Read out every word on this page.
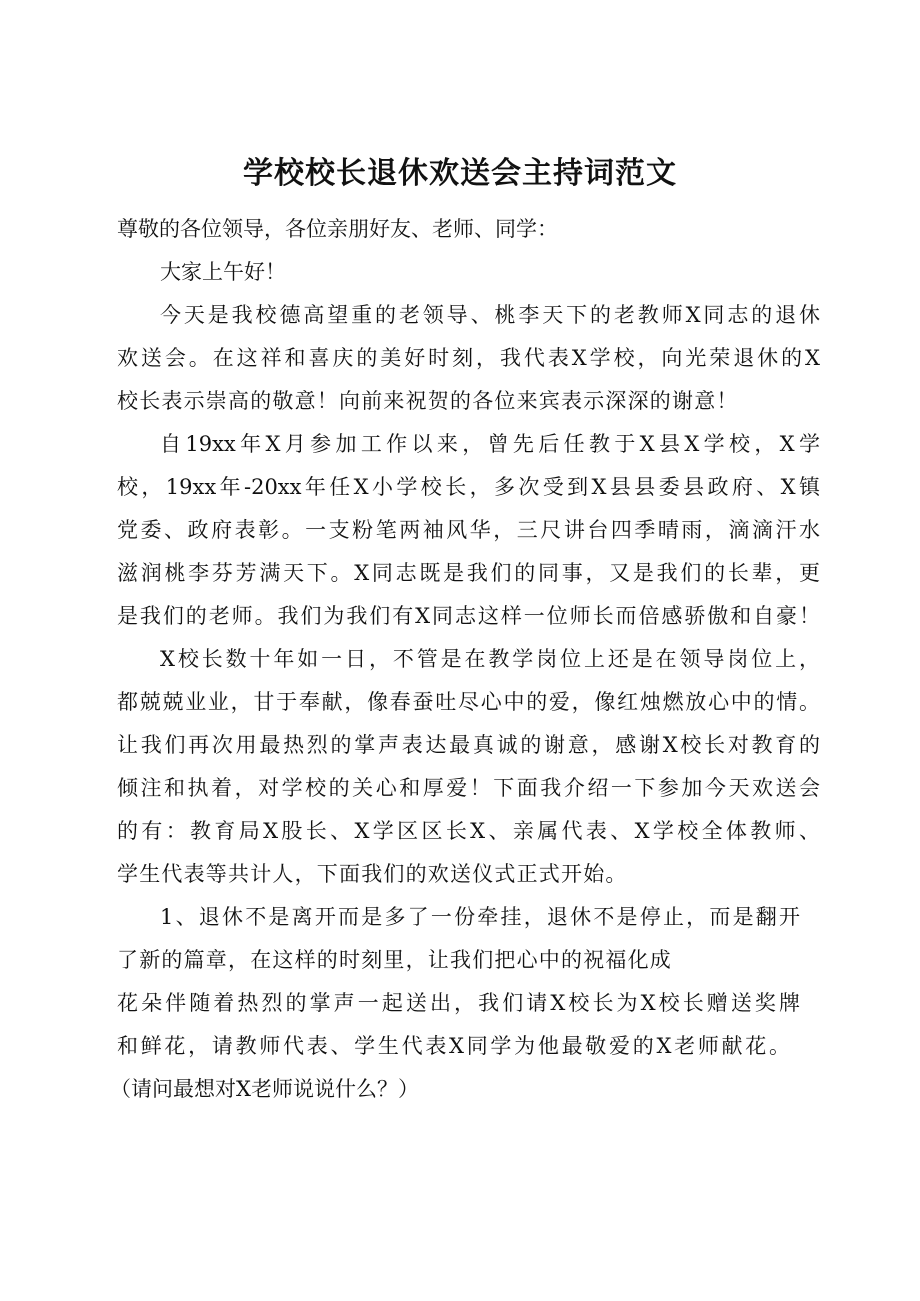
学校校长退休欢送会主持词范文

尊敬的各位领导，各位亲朋好友、老师、同学：

大家上午好！

今天是我校德高望重的老领导、桃李天下的老教师X同志的退休

欢送会。在这祥和喜庆的美好时刻，我代表X学校，向光荣退休的X

校长表示崇高的敬意！向前来祝贺的各位来宾表示深深的谢意！

自19xx年X月参加工作以来，曾先后任教于X县X学校，X学

校，19xx年-20xx年任X小学校长，多次受到X县县委县政府、X镇

党委、政府表彰。一支粉笔两袖风华，三尺讲台四季晴雨，滴滴汗水

滋润桃李芬芳满天下。X同志既是我们的同事，又是我们的长辈，更

是我们的老师。我们为我们有X同志这样一位师长而倍感骄傲和自豪！

X校长数十年如一日，不管是在教学岗位上还是在领导岗位上，

都兢兢业业，甘于奉献，像春蚕吐尽心中的爱，像红烛燃放心中的情。

让我们再次用最热烈的掌声表达最真诚的谢意，感谢X校长对教育的

倾注和执着，对学校的关心和厚爱！下面我介绍一下参加今天欢送会

的有：教育局X股长、X学区区长X、亲属代表、X学校全体教师、

学生代表等共计人，下面我们的欢送仪式正式开始。

1、退休不是离开而是多了一份牵挂，退休不是停止，而是翻开

了新的篇章，在这样的时刻里，让我们把心中的祝福化成

花朵伴随着热烈的掌声一起送出，我们请X校长为X校长赠送奖牌

和鲜花，请教师代表、学生代表X同学为他最敬爱的X老师献花。

（请问最想对X老师说说什么？）
